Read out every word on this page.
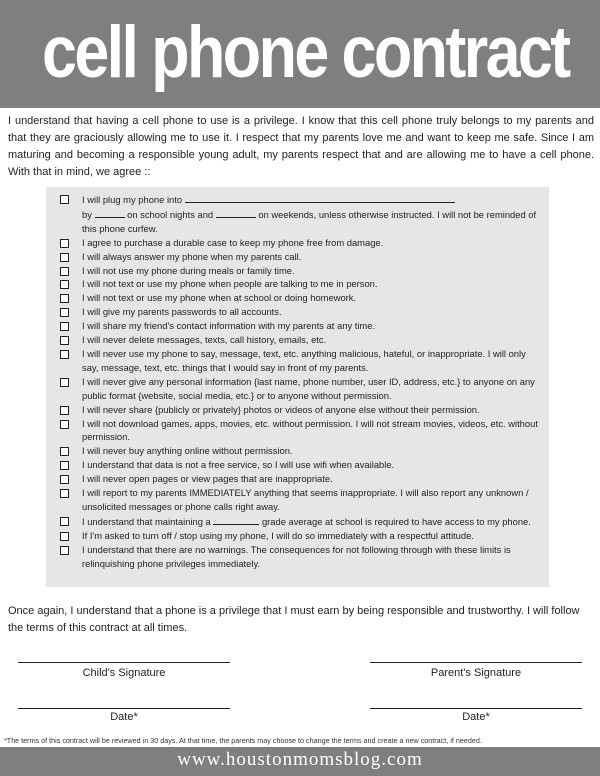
cell phone contract
I understand that having a cell phone to use is a privilege. I know that this cell phone truly belongs to my parents and that they are graciously allowing me to use it. I respect that my parents love me and want to keep me safe. Since I am maturing and becoming a responsible young adult, my parents respect that and are allowing me to have a cell phone. With that in mind, we agree ::
I will plug my phone into
by	on school nights and	on weekends, unless otherwise instructed. I will not be reminded of this phone curfew.
I agree to purchase a durable case to keep my phone free from damage.
I will always answer my phone when my parents call.
I will not use my phone during meals or family time.
I will not text or use my phone when people are talking to me in person.
I will not text or use my phone when at school or doing homework.
I will give my parents passwords to all accounts.
I will share my friend's contact information with my parents at any time.
I will never delete messages, texts, call history, emails, etc.
I will never use my phone to say, message, text, etc. anything malicious, hateful, or inappropriate. I will only say, message, text, etc. things that I would say in front of my parents.
I will never give any personal information {last name, phone number, user ID, address, etc.} to anyone on any public format {website, social media, etc.} or to anyone without permission.
I will never share {publicly or privately} photos or videos of anyone else without their permission.
I will not download games, apps, movies, etc. without permission. I will not stream movies, videos, etc. without permission.
I will never buy anything online without permission.
I understand that data is not a free service, so I will use wifi when available.
I will never open pages or view pages that are inappropriate.
I will report to my parents IMMEDIATELY anything that seems inappropriate. I will also report any unknown / unsolicited messages or phone calls right away.
I understand that maintaining a	grade average at school is required to have access to my phone.
If I'm asked to turn off / stop using my phone, I will do so immediately with a respectful attitude.
I understand that there are no warnings. The consequences for not following through with these limits is relinquishing phone privileges immediately.
Once again, I understand that a phone is a privilege that I must earn by being responsible and trustworthy. I will follow the terms of this contract at all times.
Child's Signature	Parent's Signature
Date*	Date*
*The terms of this contract will be reviewed in 30 days. At that time, the parents may choose to change the terms and create a new contract, if needed.
www.houstonmomsblog.com
